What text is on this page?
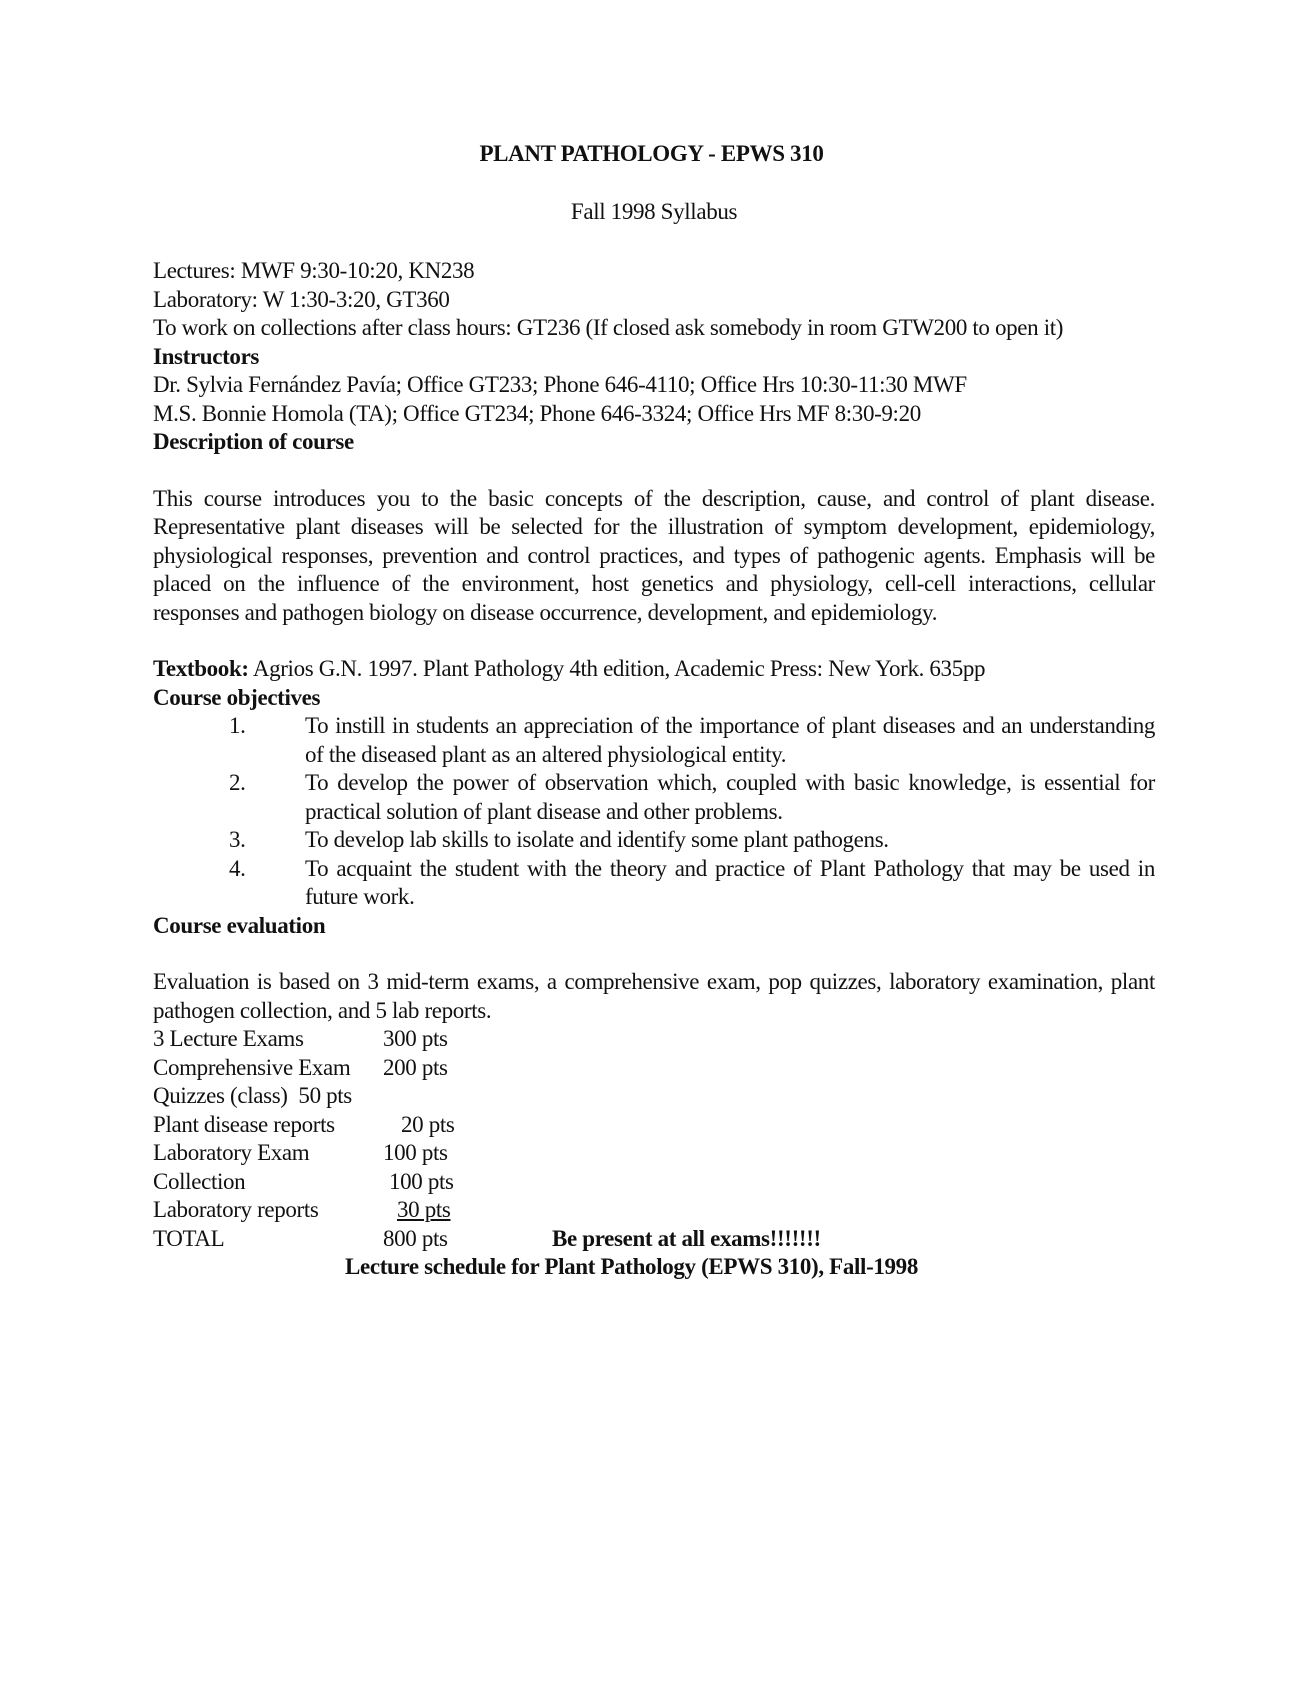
PLANT PATHOLOGY - EPWS 310

Fall 1998 Syllabus

Lectures: MWF 9:30-10:20, KN238

Laboratory: W 1:30-3:20, GT360

To work on collections after class hours: GT236 (If closed ask somebody in room GTW200 to open it)

Instructors

Dr. Sylvia Fernández Pavía; Office GT233; Phone 646-4110; Office Hrs 10:30-11:30 MWF

M.S. Bonnie Homola (TA); Office GT234; Phone 646-3324; Office Hrs MF 8:30-9:20

Description of course

This course introduces you to the basic concepts of the description, cause, and control of plant disease. Representative plant diseases will be selected for the illustration of symptom development, epidemiology, physiological responses, prevention and control practices, and types of pathogenic agents. Emphasis will be placed on the influence of the environment, host genetics and physiology, cell-cell interactions, cellular responses and pathogen biology on disease occurrence, development, and epidemiology.

Textbook: Agrios G.N. 1997. Plant Pathology 4th edition, Academic Press: New York. 635pp

Course objectives

1.	To instill in students an appreciation of the importance of plant diseases and an understanding of the diseased plant as an altered physiological entity.
2.	To develop the power of observation which, coupled with basic knowledge, is essential for practical solution of plant disease and other problems.
3.	To develop lab skills to isolate and identify some plant pathogens.
4.	To acquaint the student with the theory and practice of Plant Pathology that may be used in future work.

Course evaluation

Evaluation is based on 3 mid-term exams, a comprehensive exam, pop quizzes, laboratory examination, plant pathogen collection, and 5 lab reports.

3 Lecture Exams	300 pts
Comprehensive Exam	200 pts
Quizzes (class) 50 pts	
Plant disease reports	20 pts
Laboratory Exam	100 pts
Collection	100 pts
Laboratory reports	30 pts
TOTAL	800 pts	Be present at all exams!!!!!!!

Lecture schedule for Plant Pathology (EPWS 310), Fall-1998
